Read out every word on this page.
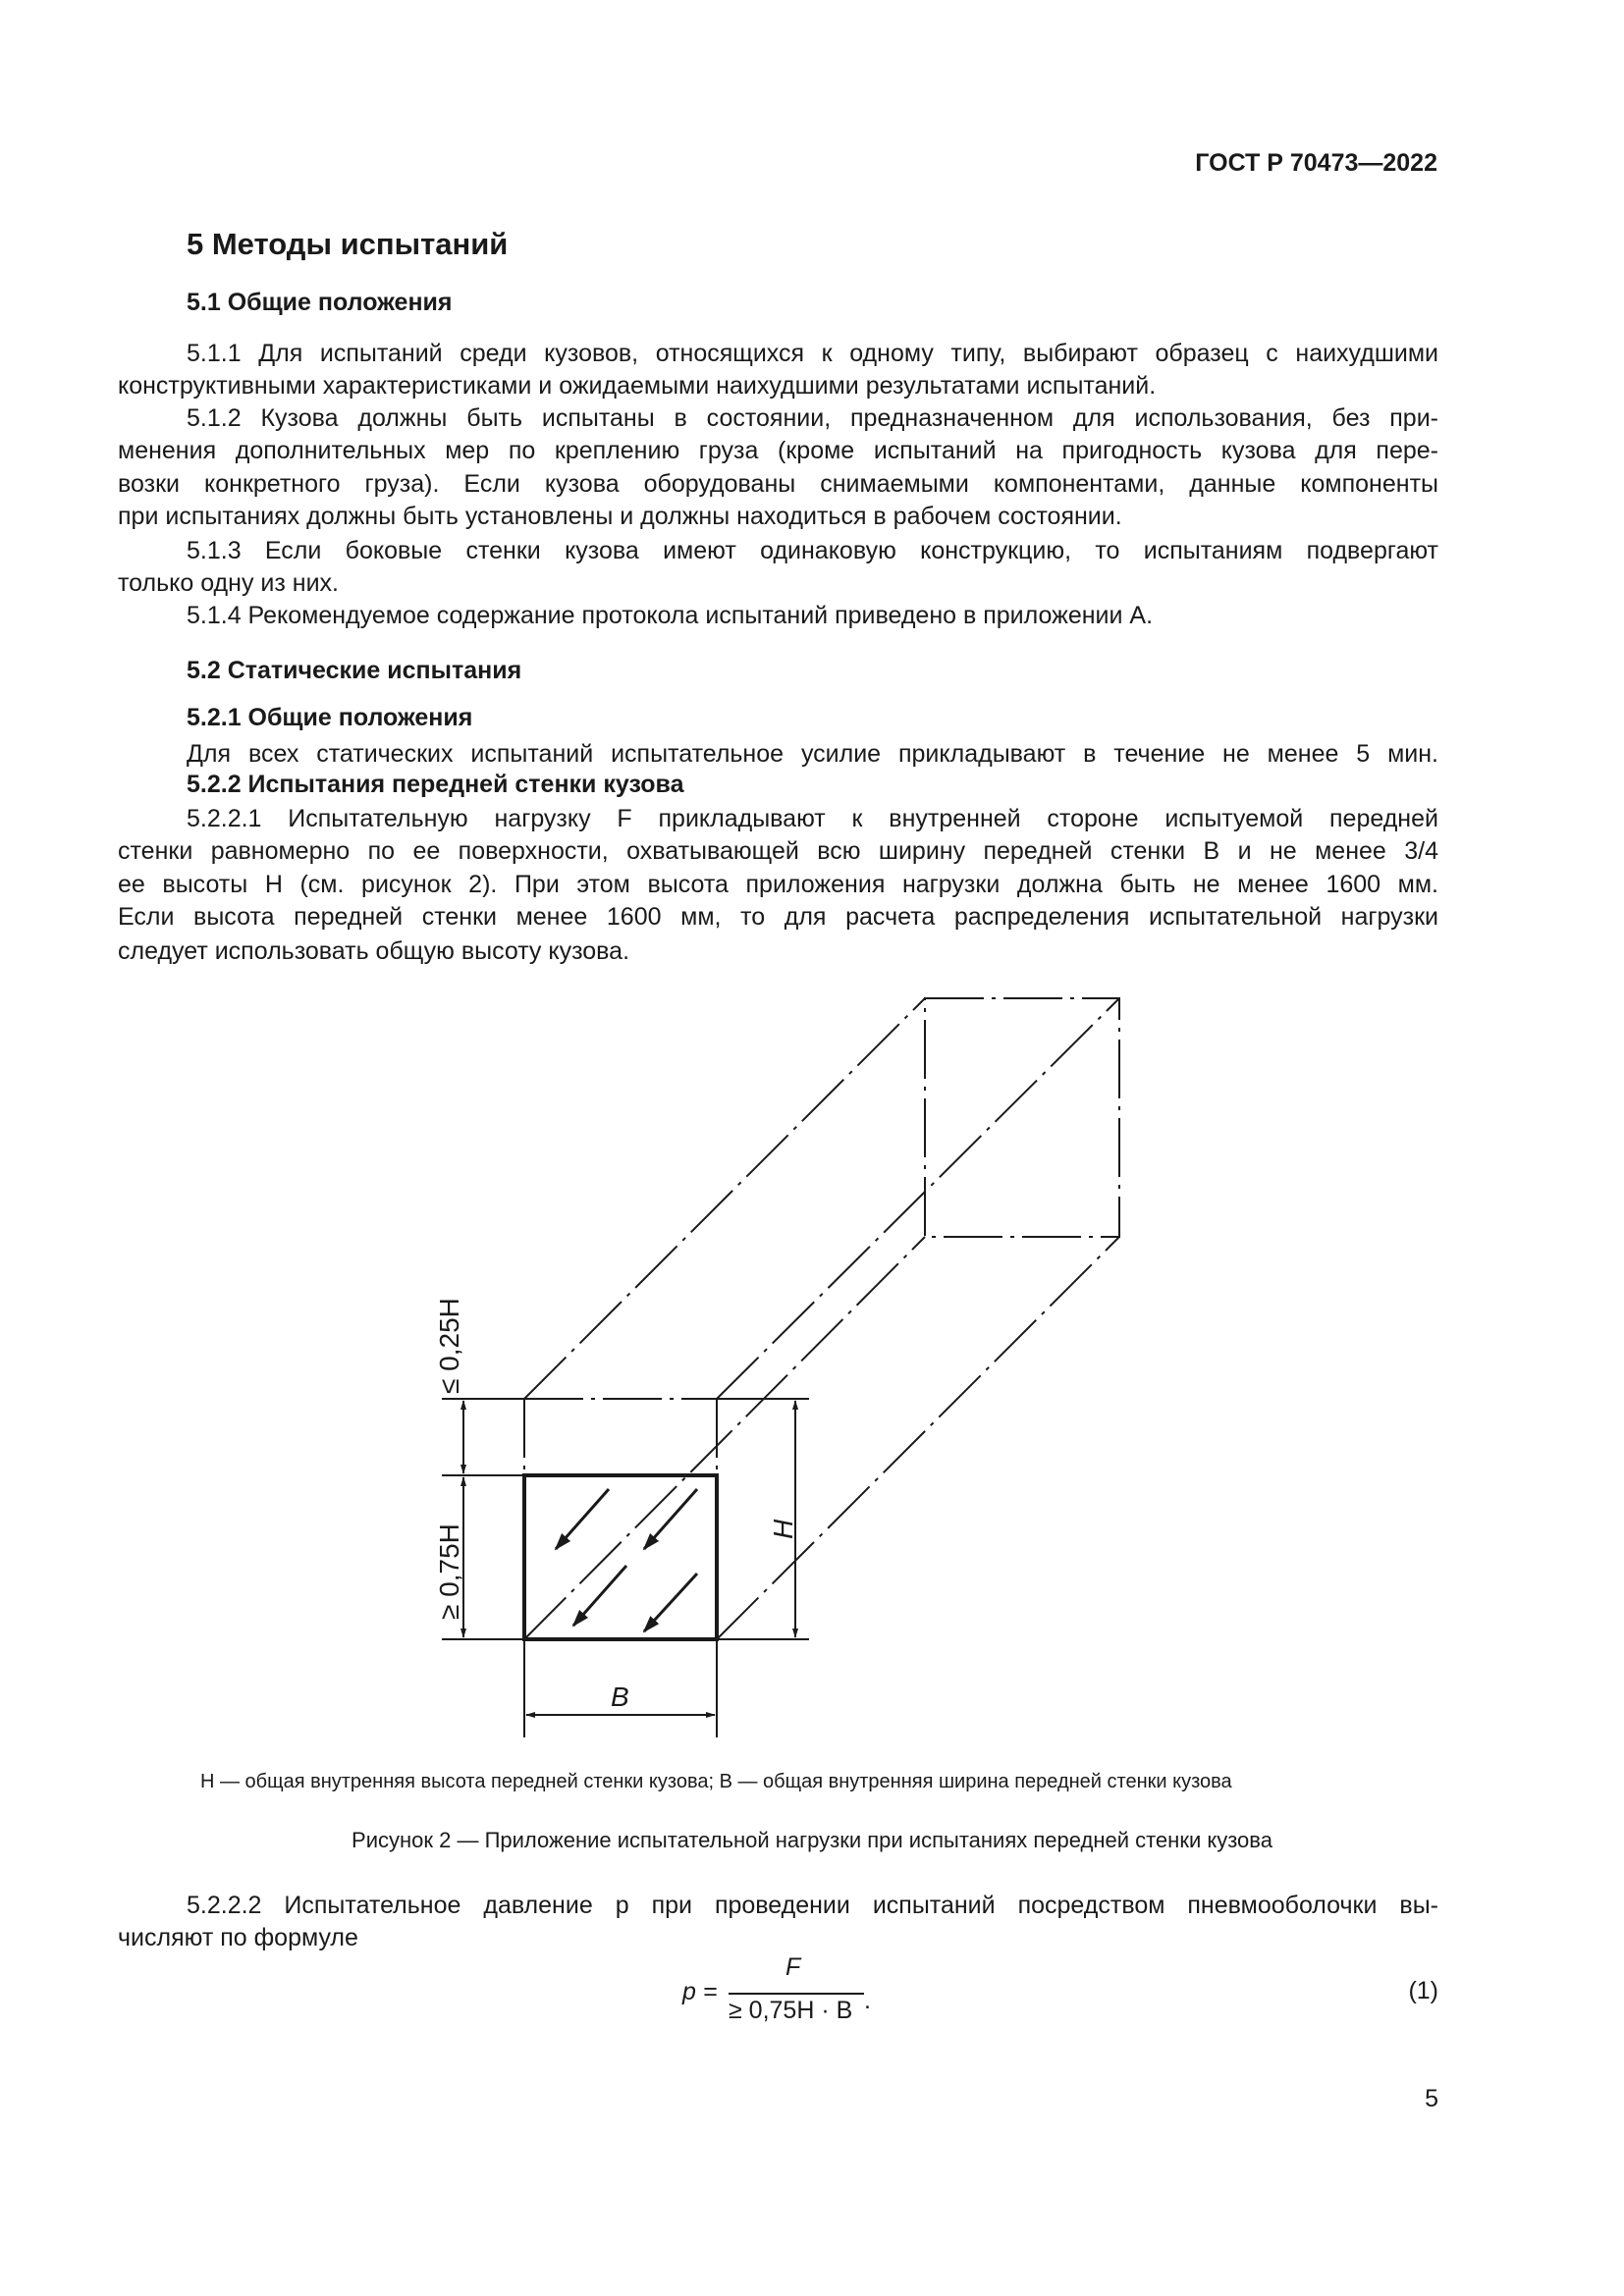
ГОСТ Р 70473—2022
5 Методы испытаний
5.1 Общие положения
5.1.1 Для испытаний среди кузовов, относящихся к одному типу, выбирают образец с наихудшими
конструктивными характеристиками и ожидаемыми наихудшими результатами испытаний.
5.1.2 Кузова должны быть испытаны в состоянии, предназначенном для использования, без при-
менения дополнительных мер по креплению груза (кроме испытаний на пригодность кузова для пере-
возки конкретного груза). Если кузова оборудованы снимаемыми компонентами, данные компоненты
при испытаниях должны быть установлены и должны находиться в рабочем состоянии.
5.1.3 Если боковые стенки кузова имеют одинаковую конструкцию, то испытаниям подвергают
только одну из них.
5.1.4 Рекомендуемое содержание протокола испытаний приведено в приложении А.
5.2 Статические испытания
5.2.1 Общие положения
Для всех статических испытаний испытательное усилие прикладывают в течение не менее 5 мин.
5.2.2 Испытания передней стенки кузова
5.2.2.1 Испытательную нагрузку F прикладывают к внутренней стороне испытуемой передней
стенки равномерно по ее поверхности, охватывающей всю ширину передней стенки B и не менее 3/4
ее высоты H (см. рисунок 2). При этом высота приложения нагрузки должна быть не менее 1600 мм.
Если высота передней стенки менее 1600 мм, то для расчета распределения испытательной нагрузки
следует использовать общую высоту кузова.
≤ 0,25H
≥ 0,75H	H
B
H — общая внутренняя высота передней стенки кузова; B — общая внутренняя ширина передней стенки кузова
Рисунок 2 — Приложение испытательной нагрузки при испытаниях передней стенки кузова
5.2.2.2 Испытательное давление p при проведении испытаний посредством пневмооболочки вы-
числяют по формуле
p =
F
≥ 0,75H · B .	(1)
5
